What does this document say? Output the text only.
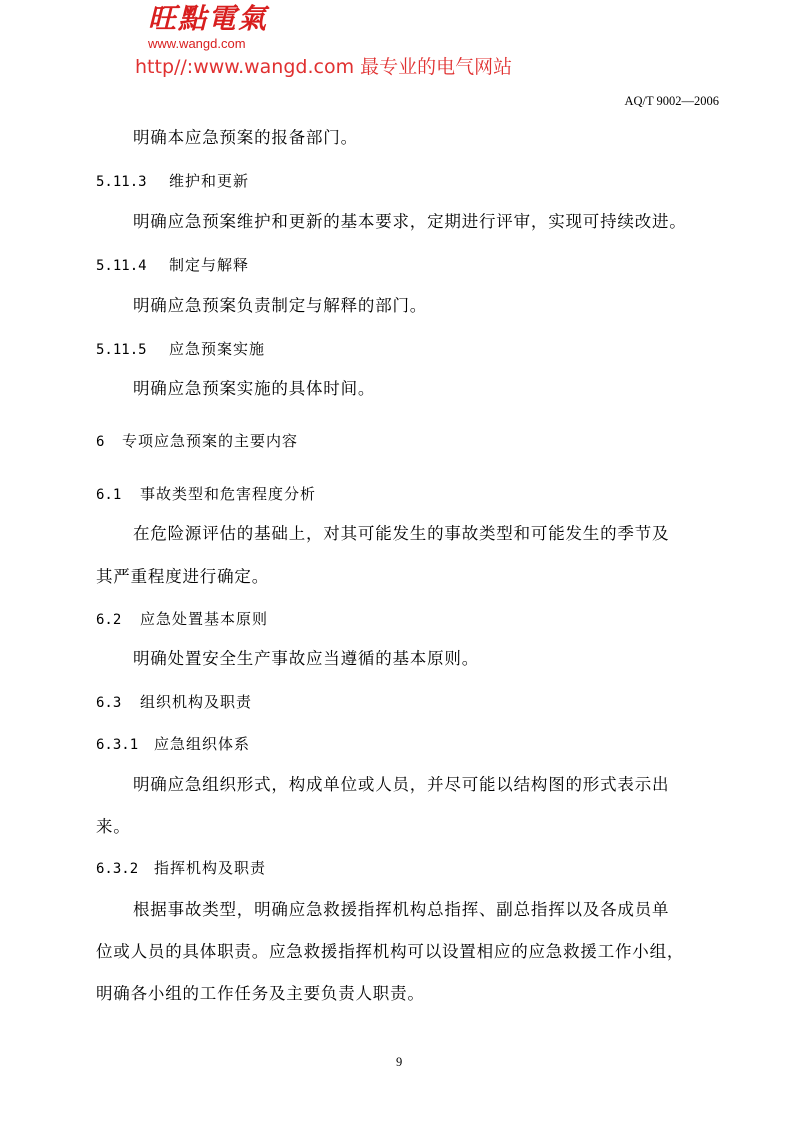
旺點電氣
www.wangd.com
http//:www.wangd.com 最专业的电气网站
AQ/T 9002—2006
明确本应急预案的报备部门。
5.11.3 维护和更新
明确应急预案维护和更新的基本要求，定期进行评审，实现可持续改进。
5.11.4 制定与解释
明确应急预案负责制定与解释的部门。
5.11.5 应急预案实施
明确应急预案实施的具体时间。
6 专项应急预案的主要内容
6.1 事故类型和危害程度分析
在危险源评估的基础上，对其可能发生的事故类型和可能发生的季节及
其严重程度进行确定。
6.2 应急处置基本原则
明确处置安全生产事故应当遵循的基本原则。
6.3 组织机构及职责
6.3.1 应急组织体系
明确应急组织形式，构成单位或人员，并尽可能以结构图的形式表示出
来。
6.3.2 指挥机构及职责
根据事故类型，明确应急救援指挥机构总指挥、副总指挥以及各成员单
位或人员的具体职责。应急救援指挥机构可以设置相应的应急救援工作小组，
明确各小组的工作任务及主要负责人职责。
9
